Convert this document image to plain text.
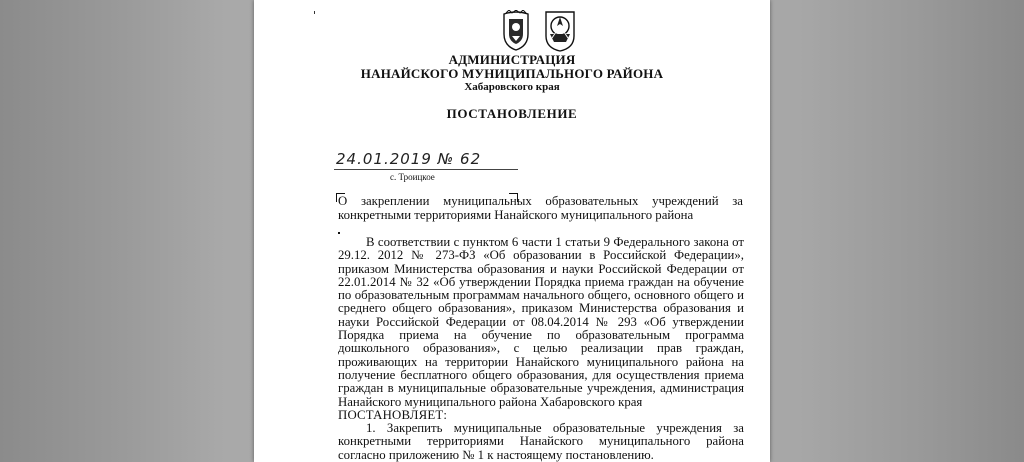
АДМИНИСТРАЦИЯ
НАНАЙСКОГО МУНИЦИПАЛЬНОГО РАЙОНА
Хабаровского края
ПОСТАНОВЛЕНИЕ
24.01.2019 № 62
с. Троицкое
О закреплении муниципальных образовательных учреждений за конкретными территориями Нанайского муниципального района

В соответствии с пунктом 6 части 1 статьи 9 Федерального закона от 29.12. 2012 № 273-ФЗ «Об образовании в Российской Федерации», приказом Министерства образования и науки Российской Федерации от 22.01.2014 № 32 «Об утверждении Порядка приема граждан на обучение по образовательным программам начального общего, основного общего и среднего общего образования», приказом Министерства образования и науки Российской Федерации от 08.04.2014 № 293 «Об утверждении Порядка приема на обучение по образовательным программа дошкольного образования», с целью реализации прав граждан, проживающих на территории Нанайского муниципального района на получение бесплатного общего образования, для осуществления приема граждан в муниципальные образовательные учреждения, администрация Нанайского муниципального района Хабаровского края

ПОСТАНОВЛЯЕТ:

1. Закрепить муниципальные образовательные учреждения за конкретными территориями Нанайского муниципального района согласно приложению № 1 к настоящему постановлению.
